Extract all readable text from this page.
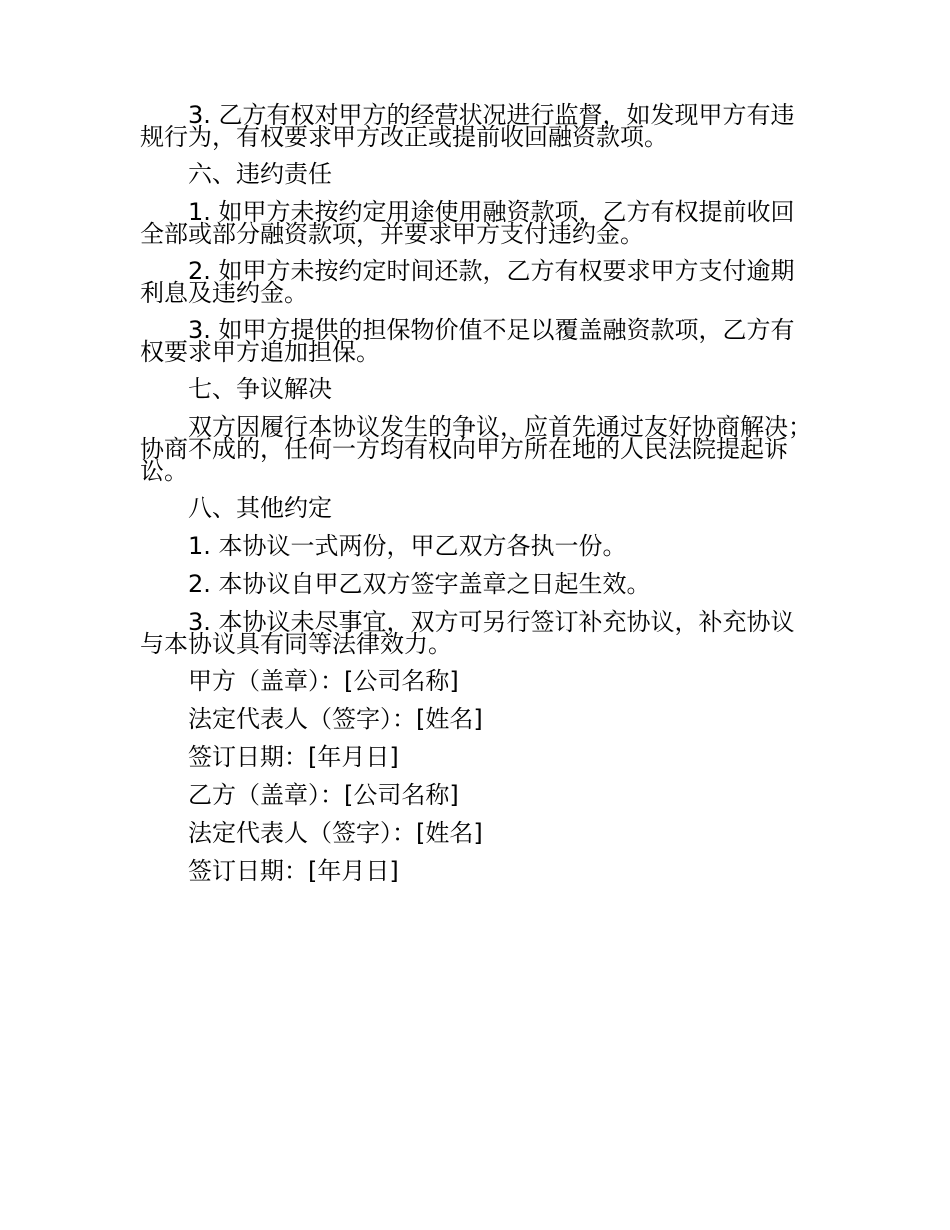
3. 乙方有权对甲方的经营状况进行监督，如发现甲方有违规行为，有权要求甲方改正或提前收回融资款项。

六、违约责任

1. 如甲方未按约定用途使用融资款项，乙方有权提前收回全部或部分融资款项，并要求甲方支付违约金。

2. 如甲方未按约定时间还款，乙方有权要求甲方支付逾期利息及违约金。

3. 如甲方提供的担保物价值不足以覆盖融资款项，乙方有权要求甲方追加担保。

七、争议解决

双方因履行本协议发生的争议，应首先通过友好协商解决；协商不成的，任何一方均有权向甲方所在地的人民法院提起诉讼。

八、其他约定

1. 本协议一式两份，甲乙双方各执一份。

2. 本协议自甲乙双方签字盖章之日起生效。

3. 本协议未尽事宜，双方可另行签订补充协议，补充协议与本协议具有同等法律效力。

甲方（盖章）：[公司名称]

法定代表人（签字）：[姓名]

签订日期：[年月日]

乙方（盖章）：[公司名称]

法定代表人（签字）：[姓名]

签订日期：[年月日]
